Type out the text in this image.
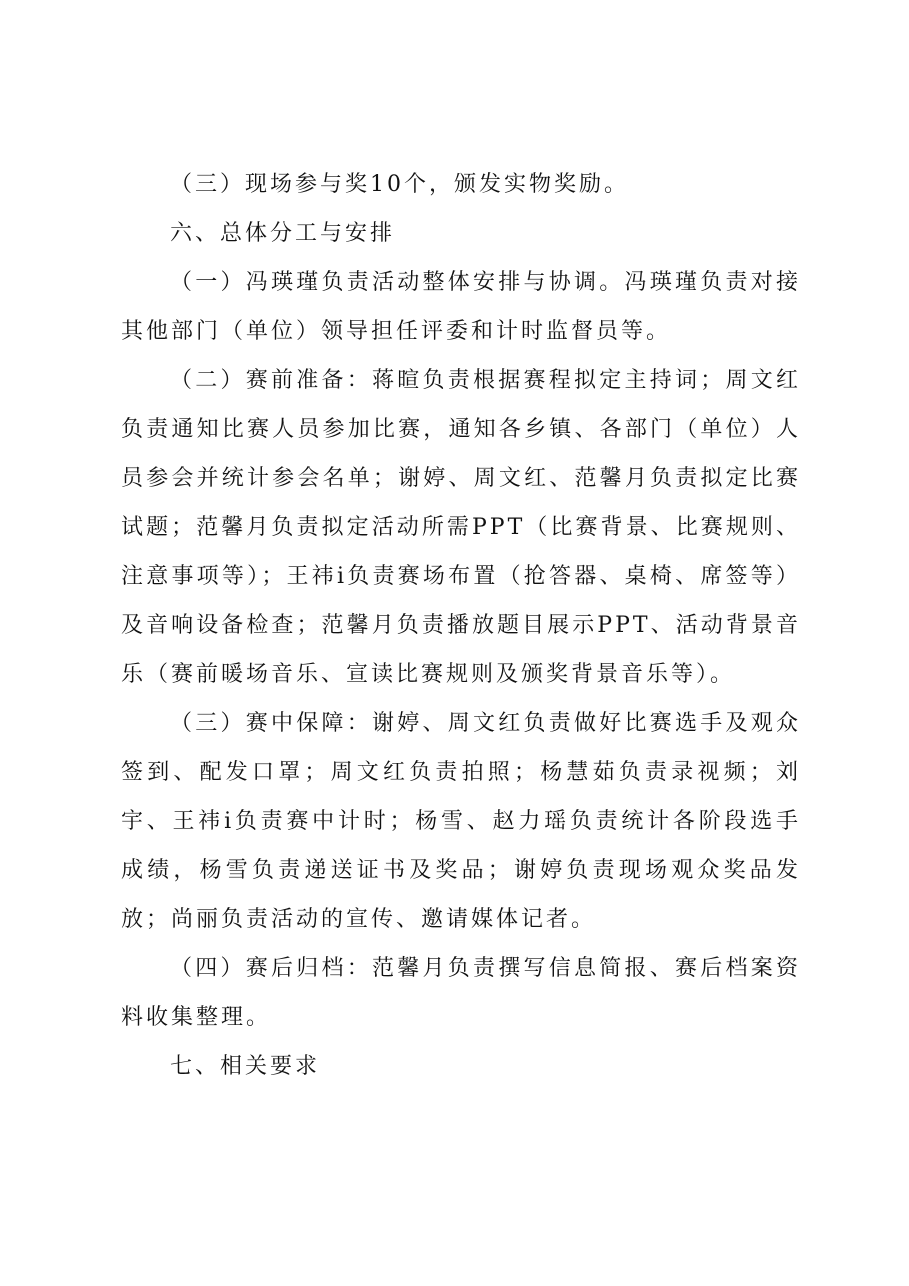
（三）现场参与奖10个，颁发实物奖励。

六、总体分工与安排

（一）冯瑛瑾负责活动整体安排与协调。冯瑛瑾负责对接其他部门（单位）领导担任评委和计时监督员等。

（二）赛前准备：蒋暄负责根据赛程拟定主持词；周文红负责通知比赛人员参加比赛，通知各乡镇、各部门（单位）人员参会并统计参会名单；谢婷、周文红、范馨月负责拟定比赛试题；范馨月负责拟定活动所需PPT（比赛背景、比赛规则、注意事项等）；王祎i负责赛场布置（抢答器、桌椅、席签等）及音响设备检查；范馨月负责播放题目展示PPT、活动背景音乐（赛前暖场音乐、宣读比赛规则及颁奖背景音乐等）。

（三）赛中保障：谢婷、周文红负责做好比赛选手及观众签到、配发口罩；周文红负责拍照；杨慧茹负责录视频；刘宇、王祎i负责赛中计时；杨雪、赵力瑶负责统计各阶段选手成绩，杨雪负责递送证书及奖品；谢婷负责现场观众奖品发放；尚丽负责活动的宣传、邀请媒体记者。

（四）赛后归档：范馨月负责撰写信息简报、赛后档案资料收集整理。

七、相关要求
